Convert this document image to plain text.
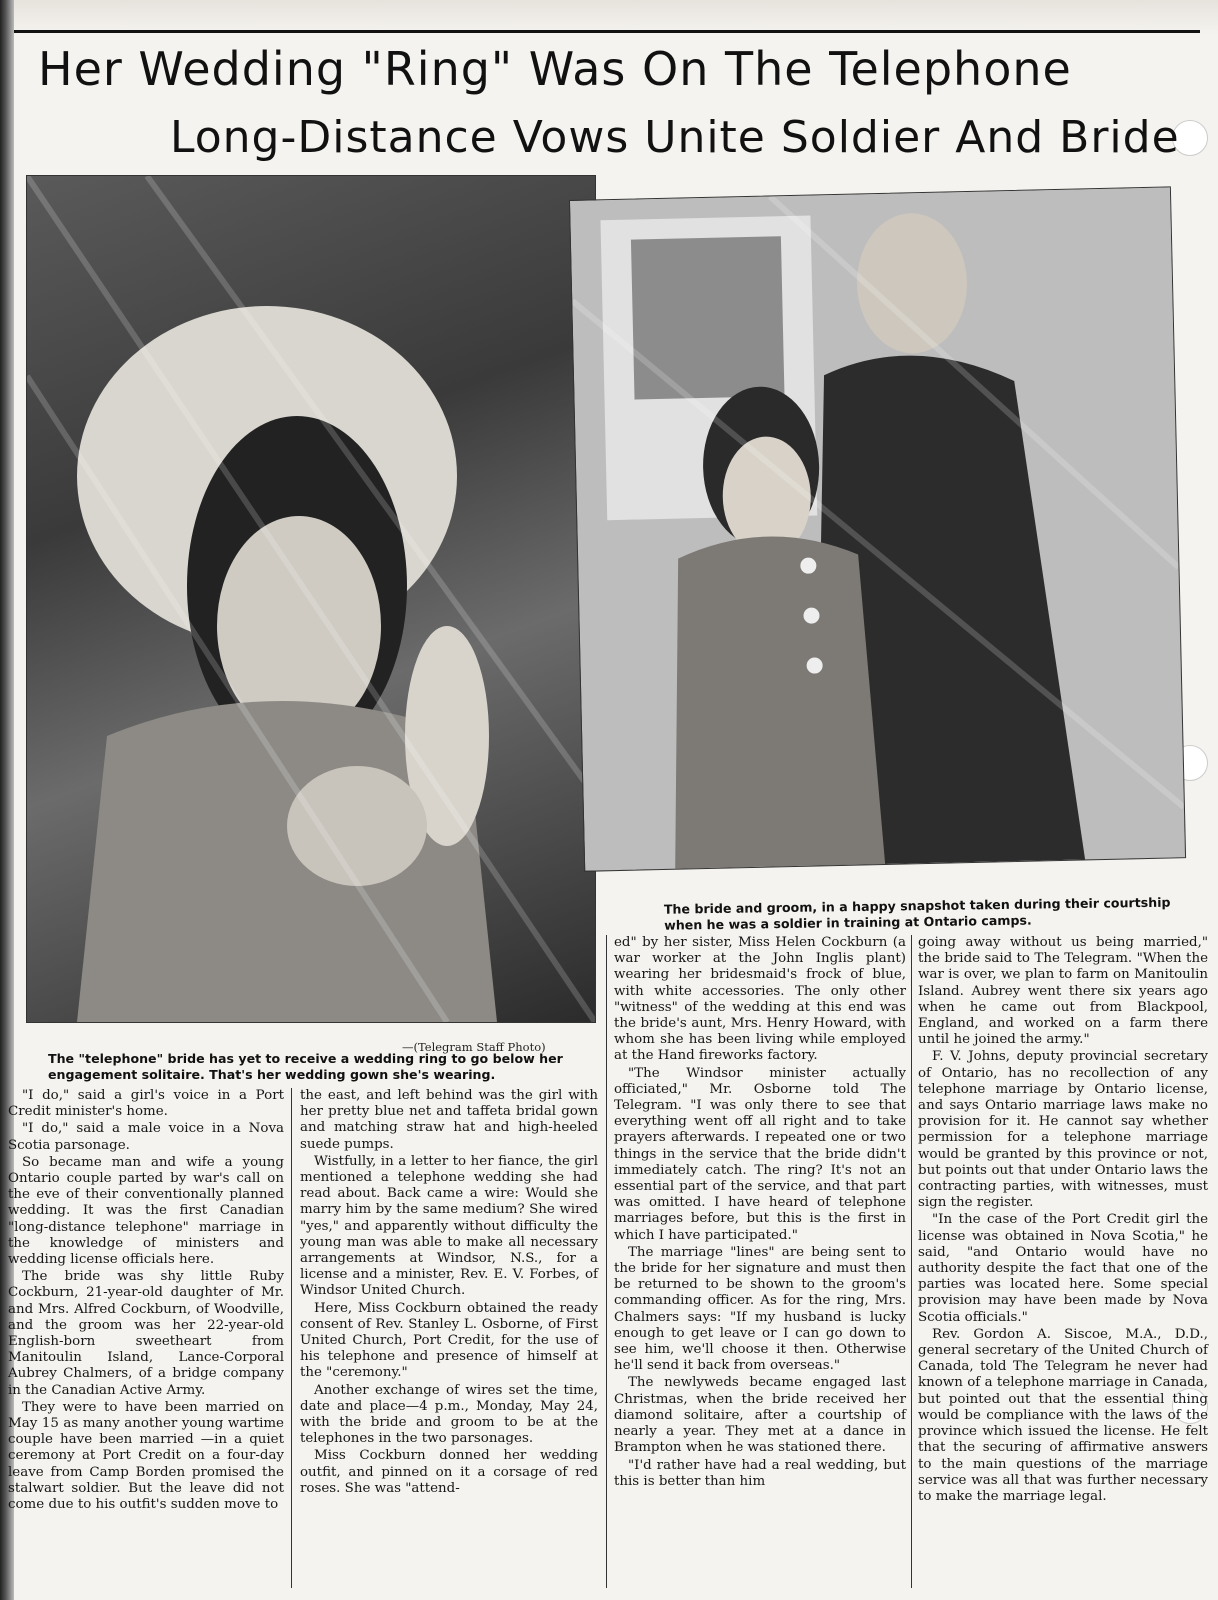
Her Wedding "Ring" Was On The Telephone
Long-Distance Vows Unite Soldier And Bride
—(Telegram Staff Photo)
The "telephone" bride has yet to receive a wedding ring to go below her engagement solitaire. That's her wedding gown she's wearing.
The bride and groom, in a happy snapshot taken during their courtship when he was a soldier in training at Ontario camps.

"I do," said a girl's voice in a Port Credit minister's home.

"I do," said a male voice in a Nova Scotia parsonage.

So became man and wife a young Ontario couple parted by war's call on the eve of their conventionally planned wedding. It was the first Canadian "long-distance telephone" marriage in the knowledge of ministers and wedding license officials here.

The bride was shy little Ruby Cockburn, 21-year-old daughter of Mr. and Mrs. Alfred Cockburn, of Woodville, and the groom was her 22-year-old English-born sweetheart from Manitoulin Island, Lance-Corporal Aubrey Chalmers, of a bridge company in the Canadian Active Army.

They were to have been married on May 15 as many another young wartime couple have been married —in a quiet ceremony at Port Credit on a four-day leave from Camp Borden promised the stalwart soldier. But the leave did not come due to his outfit's sudden move to

the east, and left behind was the girl with her pretty blue net and taffeta bridal gown and matching straw hat and high-heeled suede pumps.

Wistfully, in a letter to her fiance, the girl mentioned a telephone wedding she had read about. Back came a wire: Would she marry him by the same medium? She wired "yes," and apparently without difficulty the young man was able to make all necessary arrangements at Windsor, N.S., for a license and a minister, Rev. E. V. Forbes, of Windsor United Church.

Here, Miss Cockburn obtained the ready consent of Rev. Stanley L. Osborne, of First United Church, Port Credit, for the use of his telephone and presence of himself at the "ceremony."

Another exchange of wires set the time, date and place—4 p.m., Monday, May 24, with the bride and groom to be at the telephones in the two parsonages.

Miss Cockburn donned her wedding outfit, and pinned on it a corsage of red roses. She was "attend-

ed" by her sister, Miss Helen Cockburn (a war worker at the John Inglis plant) wearing her bridesmaid's frock of blue, with white accessories. The only other "witness" of the wedding at this end was the bride's aunt, Mrs. Henry Howard, with whom she has been living while employed at the Hand fireworks factory.

"The Windsor minister actually officiated," Mr. Osborne told The Telegram. "I was only there to see that everything went off all right and to take prayers afterwards. I repeated one or two things in the service that the bride didn't immediately catch. The ring? It's not an essential part of the service, and that part was omitted. I have heard of telephone marriages before, but this is the first in which I have participated."

The marriage "lines" are being sent to the bride for her signature and must then be returned to be shown to the groom's commanding officer. As for the ring, Mrs. Chalmers says: "If my husband is lucky enough to get leave or I can go down to see him, we'll choose it then. Otherwise he'll send it back from overseas."

The newlyweds became engaged last Christmas, when the bride received her diamond solitaire, after a courtship of nearly a year. They met at a dance in Brampton when he was stationed there.

"I'd rather have had a real wedding, but this is better than him

going away without us being married," the bride said to The Telegram. "When the war is over, we plan to farm on Manitoulin Island. Aubrey went there six years ago when he came out from Blackpool, England, and worked on a farm there until he joined the army."

F. V. Johns, deputy provincial secretary of Ontario, has no recollection of any telephone marriage by Ontario license, and says Ontario marriage laws make no provision for it. He cannot say whether permission for a telephone marriage would be granted by this province or not, but points out that under Ontario laws the contracting parties, with witnesses, must sign the register.

"In the case of the Port Credit girl the license was obtained in Nova Scotia," he said, "and Ontario would have no authority despite the fact that one of the parties was located here. Some special provision may have been made by Nova Scotia officials."

Rev. Gordon A. Siscoe, M.A., D.D., general secretary of the United Church of Canada, told The Telegram he never had known of a telephone marriage in Canada, but pointed out that the essential thing would be compliance with the laws of the province which issued the license. He felt that the securing of affirmative answers to the main questions of the marriage service was all that was further necessary to make the marriage legal.
